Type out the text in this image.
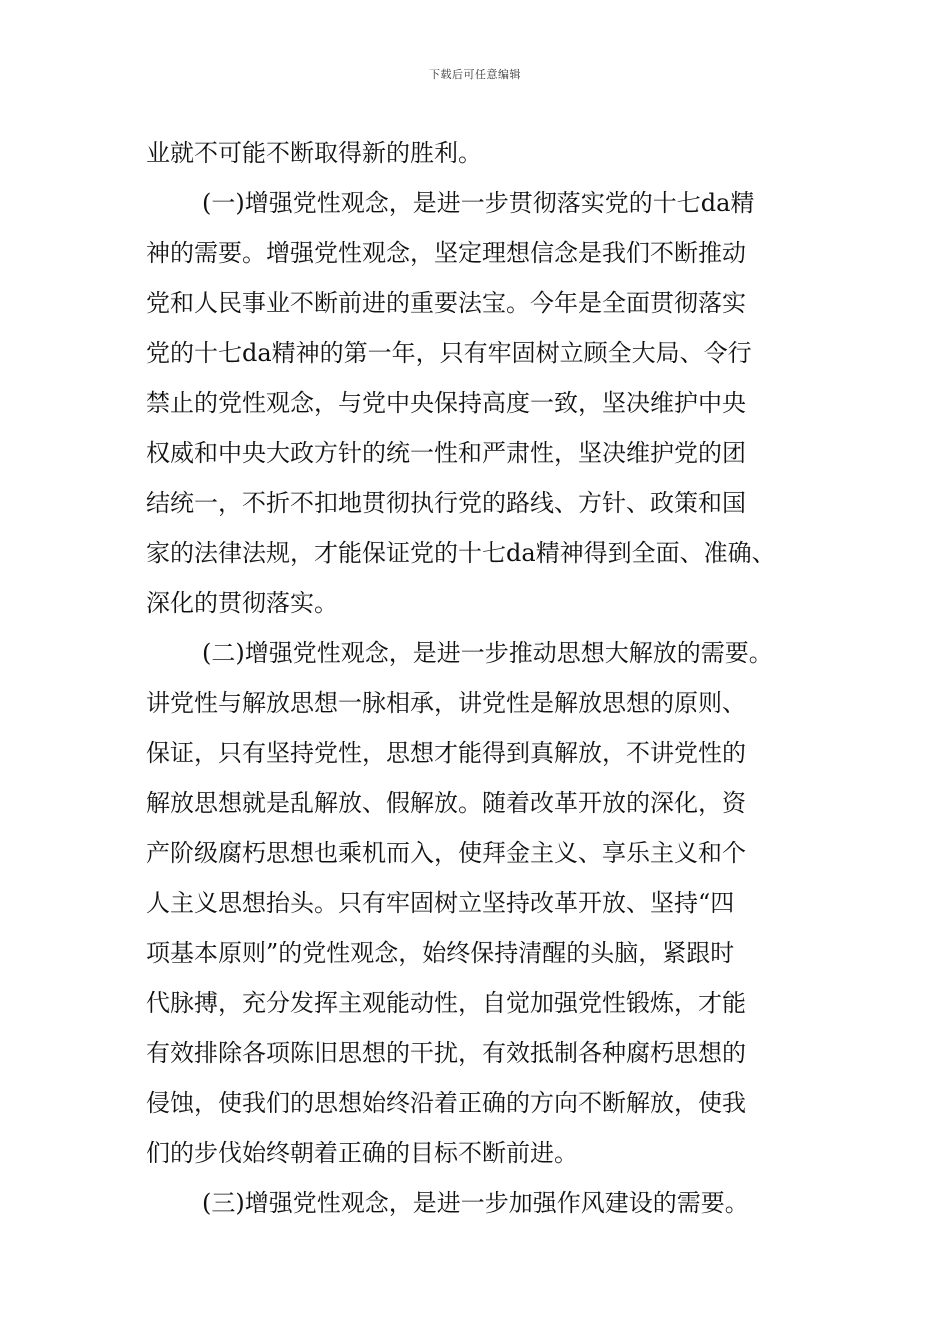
下载后可任意编辑
业就不可能不断取得新的胜利。
(一)增强党性观念，是进一步贯彻落实党的十七da精
神的需要。增强党性观念，坚定理想信念是我们不断推动
党和人民事业不断前进的重要法宝。今年是全面贯彻落实
党的十七da精神的第一年，只有牢固树立顾全大局、令行
禁止的党性观念，与党中央保持高度一致，坚决维护中央
权威和中央大政方针的统一性和严肃性，坚决维护党的团
结统一，不折不扣地贯彻执行党的路线、方针、政策和国
家的法律法规，才能保证党的十七da精神得到全面、准确、
深化的贯彻落实。
(二)增强党性观念，是进一步推动思想大解放的需要。
讲党性与解放思想一脉相承，讲党性是解放思想的原则、
保证，只有坚持党性，思想才能得到真解放，不讲党性的
解放思想就是乱解放、假解放。随着改革开放的深化，资
产阶级腐朽思想也乘机而入，使拜金主义、享乐主义和个
人主义思想抬头。只有牢固树立坚持改革开放、坚持“四
项基本原则”的党性观念，始终保持清醒的头脑，紧跟时
代脉搏，充分发挥主观能动性，自觉加强党性锻炼，才能
有效排除各项陈旧思想的干扰，有效抵制各种腐朽思想的
侵蚀，使我们的思想始终沿着正确的方向不断解放，使我
们的步伐始终朝着正确的目标不断前进。
(三)增强党性观念，是进一步加强作风建设的需要。
